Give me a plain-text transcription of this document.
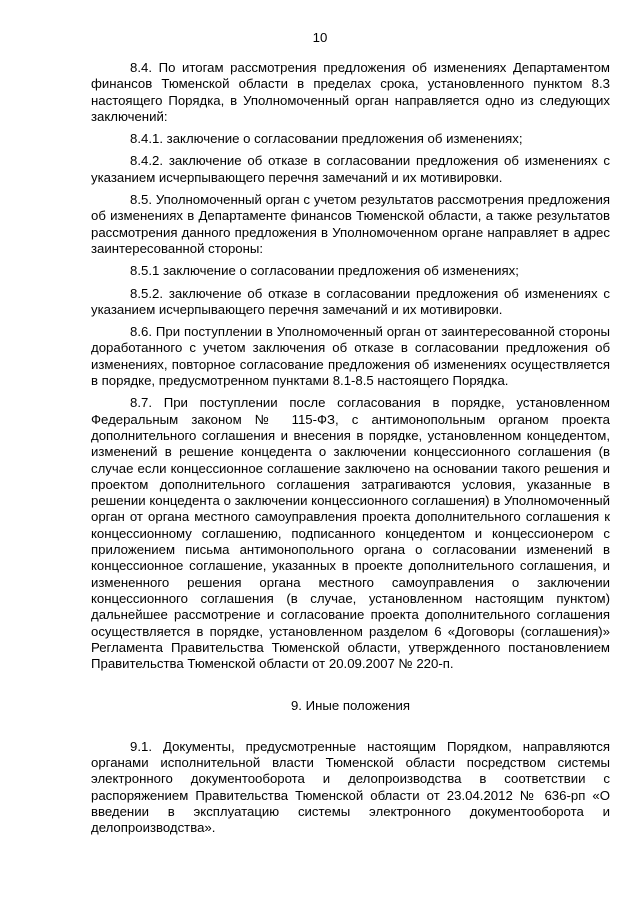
10

8.4. По итогам рассмотрения предложения об изменениях Департаментом финансов Тюменской области в пределах срока, установленного пунктом 8.3 настоящего Порядка, в Уполномоченный орган направляется одно из следующих заключений:

8.4.1. заключение о согласовании предложения об изменениях;

8.4.2. заключение об отказе в согласовании предложения об изменениях с указанием исчерпывающего перечня замечаний и их мотивировки.

8.5. Уполномоченный орган с учетом результатов рассмотрения предложения об изменениях в Департаменте финансов Тюменской области, а также результатов рассмотрения данного предложения в Уполномоченном органе направляет в адрес заинтересованной стороны:

8.5.1 заключение о согласовании предложения об изменениях;

8.5.2. заключение об отказе в согласовании предложения об изменениях с указанием исчерпывающего перечня замечаний и их мотивировки.

8.6. При поступлении в Уполномоченный орган от заинтересованной стороны доработанного с учетом заключения об отказе в согласовании предложения об изменениях, повторное согласование предложения об изменениях осуществляется в порядке, предусмотренном пунктами 8.1-8.5 настоящего Порядка.

8.7. При поступлении после согласования в порядке, установленном Федеральным законом № 115-ФЗ, с антимонопольным органом проекта дополнительного соглашения и внесения в порядке, установленном концедентом, изменений в решение концедента о заключении концессионного соглашения (в случае если концессионное соглашение заключено на основании такого решения и проектом дополнительного соглашения затрагиваются условия, указанные в решении концедента о заключении концессионного соглашения) в Уполномоченный орган от органа местного самоуправления проекта дополнительного соглашения к концессионному соглашению, подписанного концедентом и концессионером с приложением письма антимонопольного органа о согласовании изменений в концессионное соглашение, указанных в проекте дополнительного соглашения, и измененного решения органа местного самоуправления о заключении концессионного соглашения (в случае, установленном настоящим пунктом) дальнейшее рассмотрение и согласование проекта дополнительного соглашения осуществляется в порядке, установленном разделом 6 «Договоры (соглашения)» Регламента Правительства Тюменской области, утвержденного постановлением Правительства Тюменской области от 20.09.2007 № 220-п.

9. Иные положения

9.1. Документы, предусмотренные настоящим Порядком, направляются органами исполнительной власти Тюменской области посредством системы электронного документооборота и делопроизводства в соответствии с распоряжением Правительства Тюменской области от 23.04.2012 № 636-рп «О введении в эксплуатацию системы электронного документооборота и делопроизводства».
